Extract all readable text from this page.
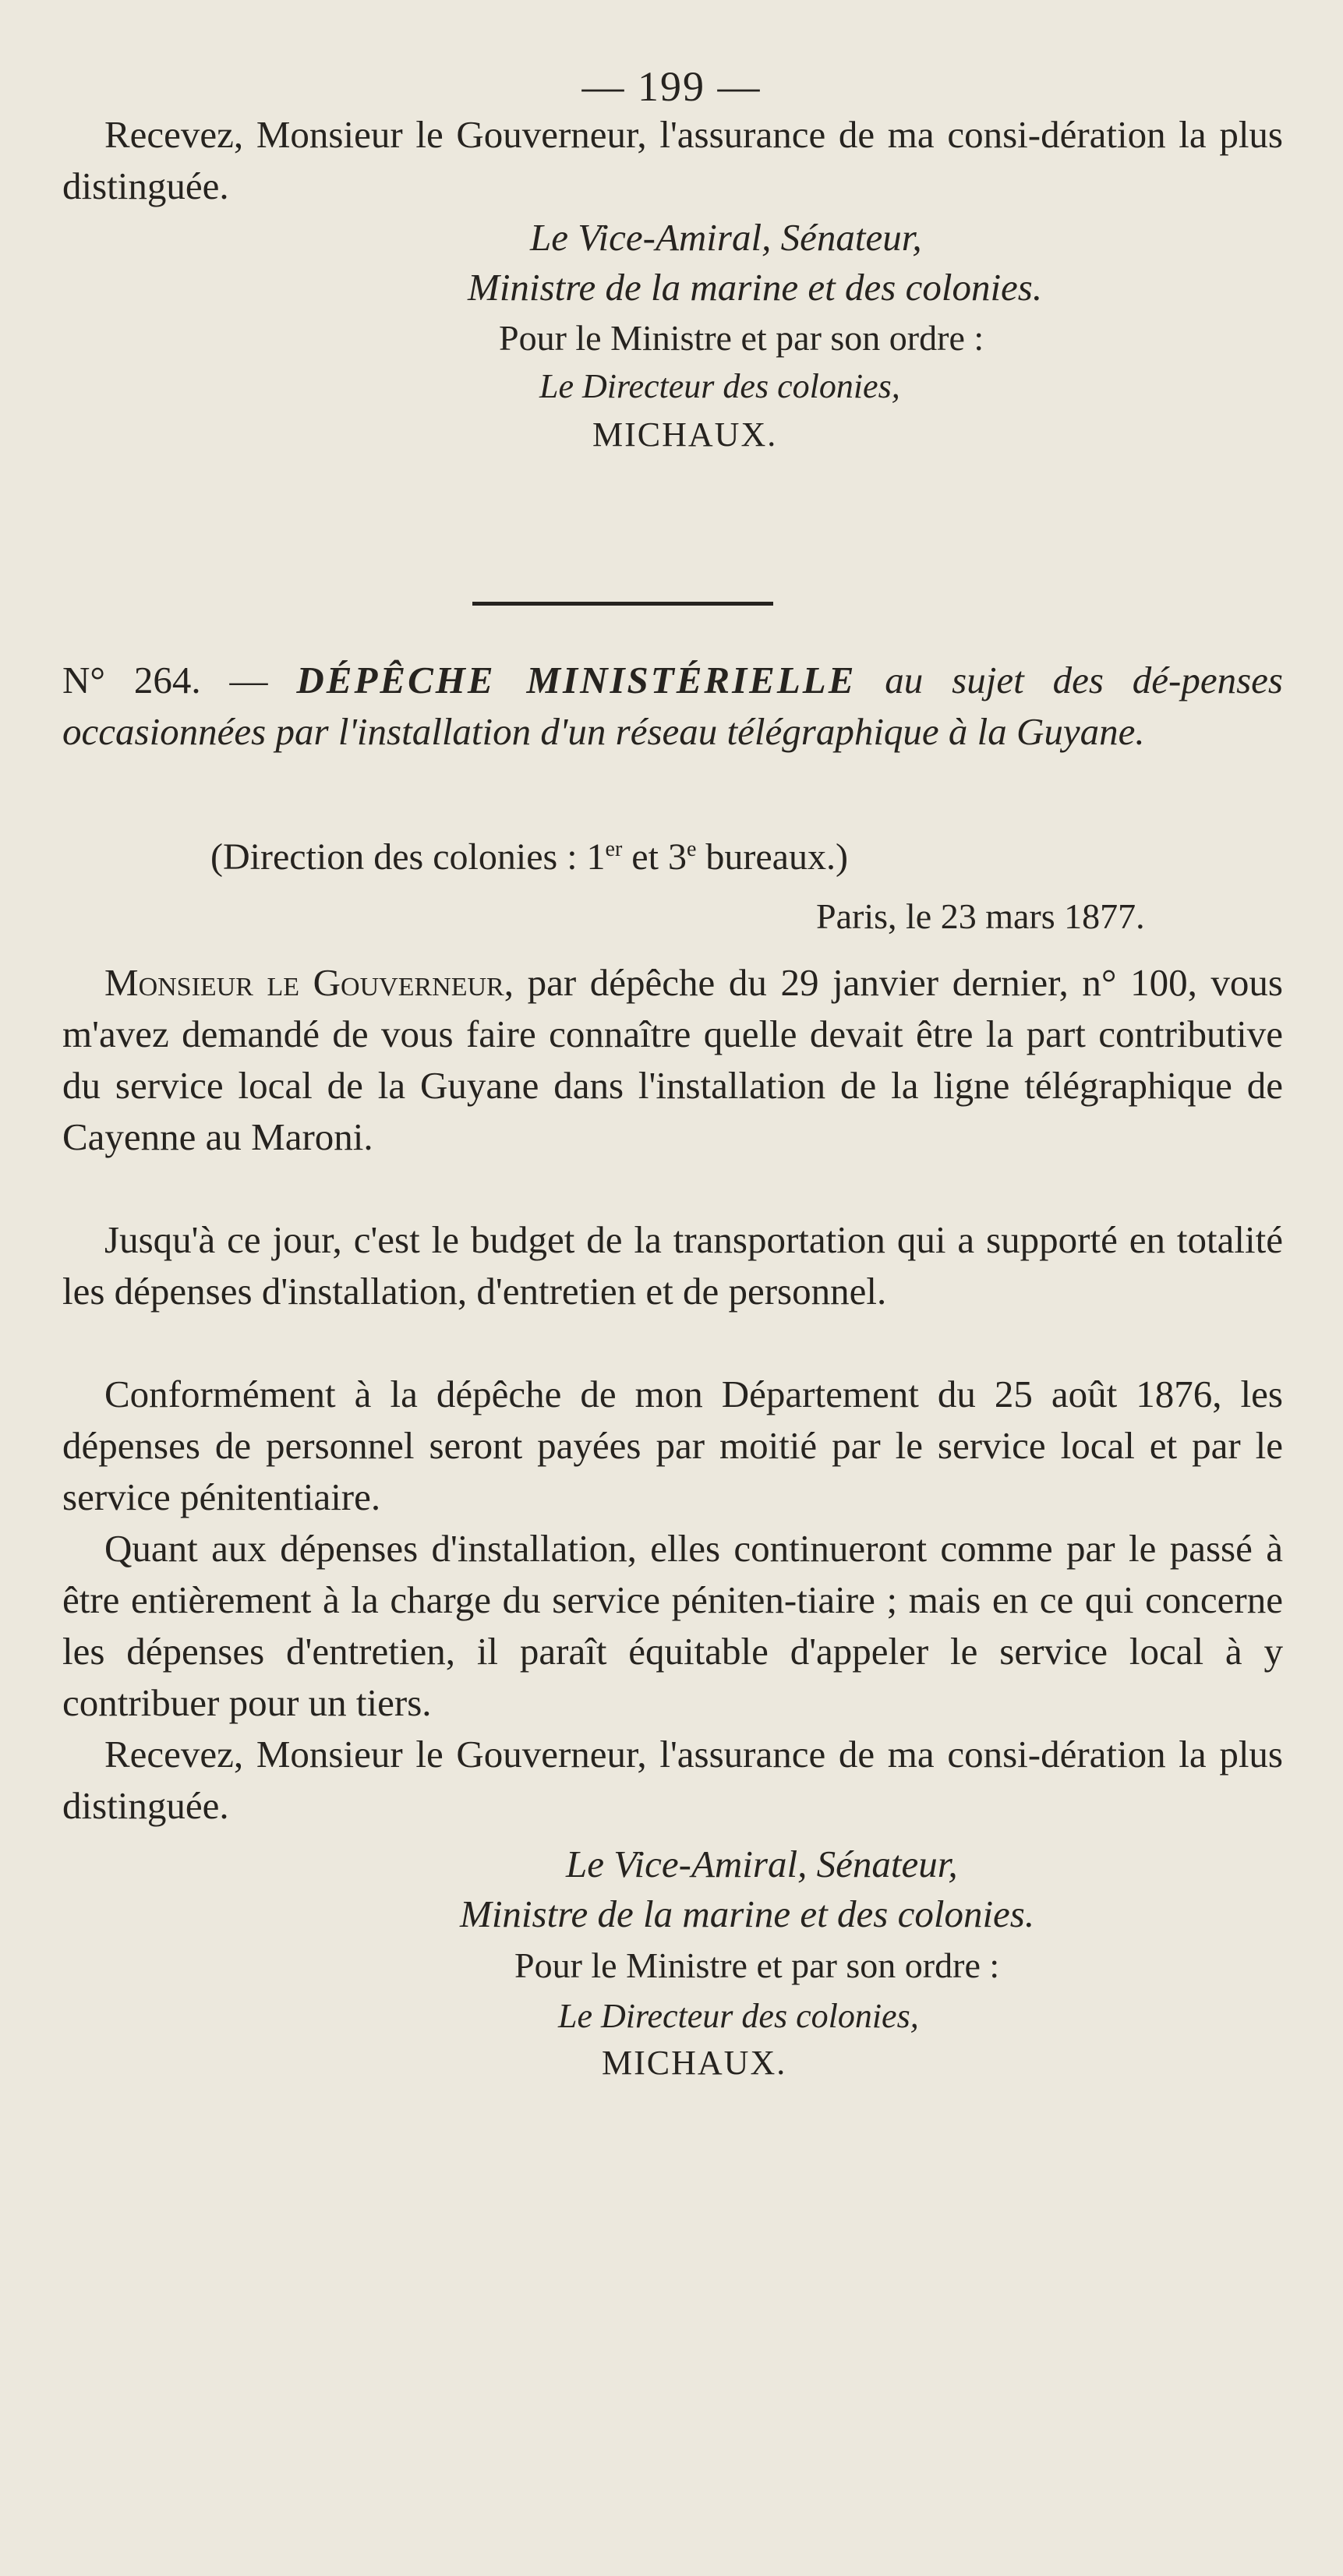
— 199 —

Recevez, Monsieur le Gouverneur, l'assurance de ma consi-dération la plus distinguée.

Le Vice-Amiral, Sénateur,
Ministre de la marine et des colonies.
Pour le Ministre et par son ordre :
Le Directeur des colonies,
MICHAUX.

N° 264. — DÉPÊCHE MINISTÉRIELLE au sujet des dé-penses occasionnées par l'installation d'un réseau télégraphique à la Guyane.

(Direction des colonies : 1er et 3e bureaux.)
Paris, le 23 mars 1877.

Monsieur le Gouverneur, par dépêche du 29 janvier dernier, n° 100, vous m'avez demandé de vous faire connaître quelle devait être la part contributive du service local de la Guyane dans l'installation de la ligne télégraphique de Cayenne au Maroni.

Jusqu'à ce jour, c'est le budget de la transportation qui a supporté en totalité les dépenses d'installation, d'entretien et de personnel.

Conformément à la dépêche de mon Département du 25 août 1876, les dépenses de personnel seront payées par moitié par le service local et par le service pénitentiaire.

Quant aux dépenses d'installation, elles continueront comme par le passé à être entièrement à la charge du service péniten-tiaire ; mais en ce qui concerne les dépenses d'entretien, il paraît équitable d'appeler le service local à y contribuer pour un tiers.

Recevez, Monsieur le Gouverneur, l'assurance de ma consi-dération la plus distinguée.

Le Vice-Amiral, Sénateur,
Ministre de la marine et des colonies.
Pour le Ministre et par son ordre :
Le Directeur des colonies,
MICHAUX.
